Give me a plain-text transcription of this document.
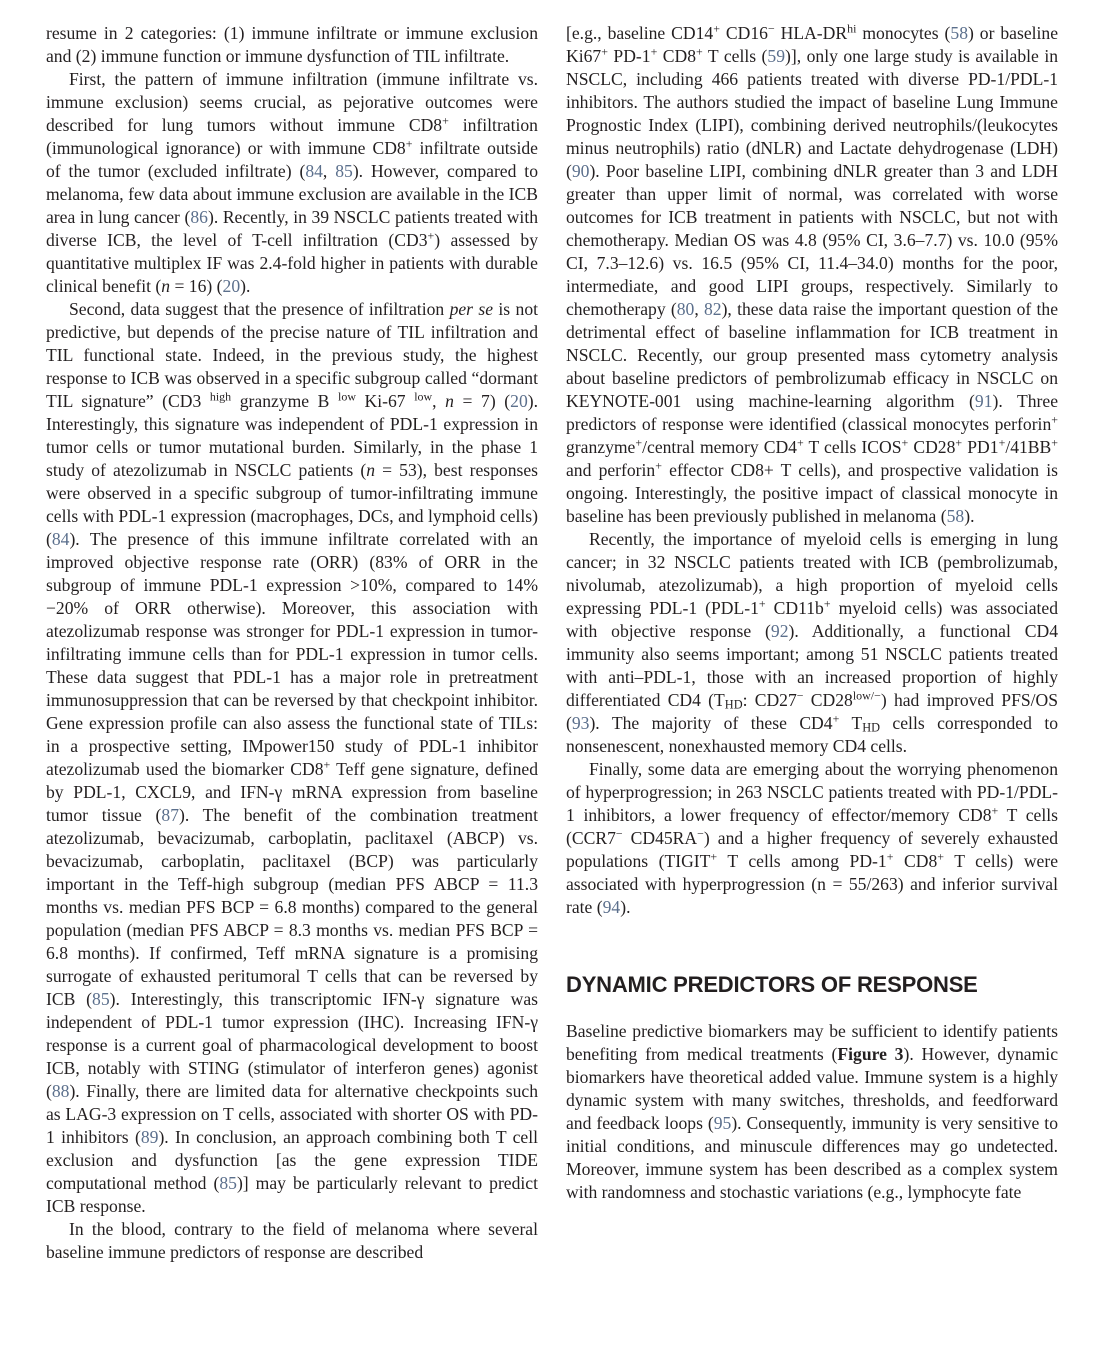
resume in 2 categories: (1) immune infiltrate or immune exclusion and (2) immune function or immune dysfunction of TIL infiltrate.

First, the pattern of immune infiltration (immune infiltrate vs. immune exclusion) seems crucial, as pejorative outcomes were described for lung tumors without immune CD8+ infiltration (immunological ignorance) or with immune CD8+ infiltrate outside of the tumor (excluded infiltrate) (84, 85). However, compared to melanoma, few data about immune exclusion are available in the ICB area in lung cancer (86). Recently, in 39 NSCLC patients treated with diverse ICB, the level of T-cell infiltration (CD3+) assessed by quantitative multiplex IF was 2.4-fold higher in patients with durable clinical benefit (n = 16) (20).

Second, data suggest that the presence of infiltration per se is not predictive, but depends of the precise nature of TIL infiltration and TIL functional state. Indeed, in the previous study, the highest response to ICB was observed in a specific subgroup called “dormant TIL signature” (CD3 $^{high}$ granzyme B $^{low}$ Ki-67 $^{low}$, n = 7) (20). Interestingly, this signature was independent of PDL-1 expression in tumor cells or tumor mutational burden. Similarly, in the phase 1 study of atezolizumab in NSCLC patients (n = 53), best responses were observed in a specific subgroup of tumor-infiltrating immune cells with PDL-1 expression (macrophages, DCs, and lymphoid cells) (84). The presence of this immune infiltrate correlated with an improved objective response rate (ORR) (83% of ORR in the subgroup of immune PDL-1 expression >10%, compared to 14%−20% of ORR otherwise). Moreover, this association with atezolizumab response was stronger for PDL-1 expression in tumor-infiltrating immune cells than for PDL-1 expression in tumor cells. These data suggest that PDL-1 has a major role in pretreatment immunosuppression that can be reversed by that checkpoint inhibitor. Gene expression profile can also assess the functional state of TILs: in a prospective setting, IMpower150 study of PDL-1 inhibitor atezolizumab used the biomarker CD8+ Teff gene signature, defined by PDL-1, CXCL9, and IFN-γ mRNA expression from baseline tumor tissue (87). The benefit of the combination treatment atezolizumab, bevacizumab, carboplatin, paclitaxel (ABCP) vs. bevacizumab, carboplatin, paclitaxel (BCP) was particularly important in the Teff-high subgroup (median PFS ABCP = 11.3 months vs. median PFS BCP = 6.8 months) compared to the general population (median PFS ABCP = 8.3 months vs. median PFS BCP = 6.8 months). If confirmed, Teff mRNA signature is a promising surrogate of exhausted peritumoral T cells that can be reversed by ICB (85). Interestingly, this transcriptomic IFN-γ signature was independent of PDL-1 tumor expression (IHC). Increasing IFN-γ response is a current goal of pharmacological development to boost ICB, notably with STING (stimulator of interferon genes) agonist (88). Finally, there are limited data for alternative checkpoints such as LAG-3 expression on T cells, associated with shorter OS with PD-1 inhibitors (89). In conclusion, an approach combining both T cell exclusion and dysfunction [as the gene expression TIDE computational method (85)] may be particularly relevant to predict ICB response.

In the blood, contrary to the field of melanoma where several baseline immune predictors of response are described

[e.g., baseline CD14+ CD16− HLA-$DR^{hi}$ monocytes (58) or baseline Ki67+ PD-1+ CD8+ T cells (59)], only one large study is available in NSCLC, including 466 patients treated with diverse PD-1/PDL-1 inhibitors. The authors studied the impact of baseline Lung Immune Prognostic Index (LIPI), combining derived neutrophils/(leukocytes minus neutrophils) ratio (dNLR) and Lactate dehydrogenase (LDH) (90). Poor baseline LIPI, combining dNLR greater than 3 and LDH greater than upper limit of normal, was correlated with worse outcomes for ICB treatment in patients with NSCLC, but not with chemotherapy. Median OS was 4.8 (95% CI, 3.6–7.7) vs. 10.0 (95% CI, 7.3–12.6) vs. 16.5 (95% CI, 11.4–34.0) months for the poor, intermediate, and good LIPI groups, respectively. Similarly to chemotherapy (80, 82), these data raise the important question of the detrimental effect of baseline inflammation for ICB treatment in NSCLC. Recently, our group presented mass cytometry analysis about baseline predictors of pembrolizumab efficacy in NSCLC on KEYNOTE-001 using machine-learning algorithm (91). Three predictors of response were identified (classical monocytes perforin+ granzyme+/central memory CD4+ T cells ICOS+ CD28+ PD1+/41BB+ and perforin+ effector CD8+ T cells), and prospective validation is ongoing. Interestingly, the positive impact of classical monocyte in baseline has been previously published in melanoma (58).

Recently, the importance of myeloid cells is emerging in lung cancer; in 32 NSCLC patients treated with ICB (pembrolizumab, nivolumab, atezolizumab), a high proportion of myeloid cells expressing PDL-1 (PDL-1+ CD11b+ myeloid cells) was associated with objective response (92). Additionally, a functional CD4 immunity also seems important; among 51 NSCLC patients treated with anti–PDL-1, those with an increased proportion of highly differentiated CD4 ($T_{HD}$: CD27− $CD28^{low/-}$) had improved PFS/OS (93). The majority of these CD4+ $T_{HD}$ cells corresponded to nonsenescent, nonexhausted memory CD4 cells.

Finally, some data are emerging about the worrying phenomenon of hyperprogression; in 263 NSCLC patients treated with PD-1/PDL-1 inhibitors, a lower frequency of effector/memory CD8+ T cells (CCR7− CD45RA−) and a higher frequency of severely exhausted populations (TIGIT+ T cells among PD-1+ CD8+ T cells) were associated with hyperprogression (n = 55/263) and inferior survival rate (94).

DYNAMIC PREDICTORS OF RESPONSE

Baseline predictive biomarkers may be sufficient to identify patients benefiting from medical treatments (Figure 3). However, dynamic biomarkers have theoretical added value. Immune system is a highly dynamic system with many switches, thresholds, and feedforward and feedback loops (95). Consequently, immunity is very sensitive to initial conditions, and minuscule differences may go undetected. Moreover, immune system has been described as a complex system with randomness and stochastic variations (e.g., lymphocyte fate
